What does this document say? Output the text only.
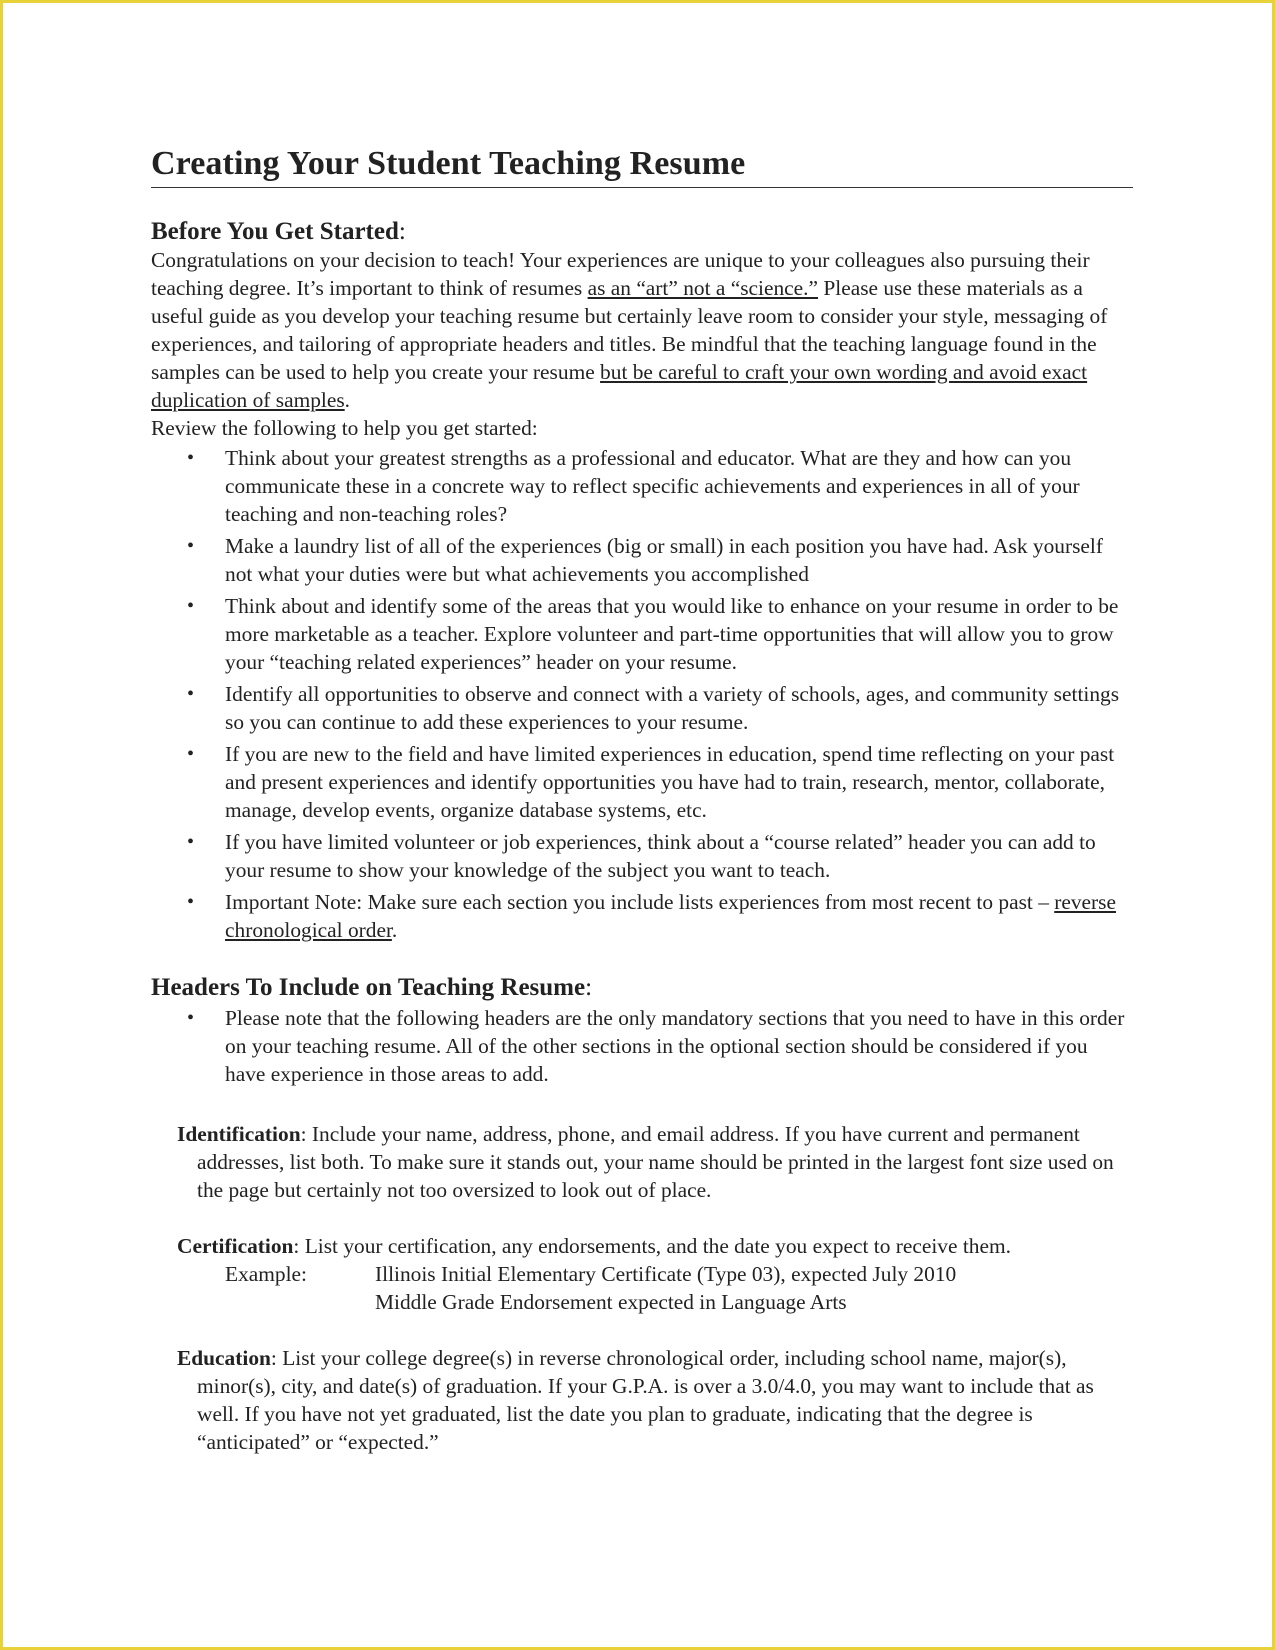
Creating Your Student Teaching Resume
Before You Get Started:

Congratulations on your decision to teach! Your experiences are unique to your colleagues also pursuing their teaching degree. It’s important to think of resumes as an “art” not a “science.” Please use these materials as a useful guide as you develop your teaching resume but certainly leave room to consider your style, messaging of experiences, and tailoring of appropriate headers and titles. Be mindful that the teaching language found in the samples can be used to help you create your resume but be careful to craft your own wording and avoid exact duplication of samples.
Review the following to help you get started:

• Think about your greatest strengths as a professional and educator. What are they and how can you communicate these in a concrete way to reflect specific achievements and experiences in all of your teaching and non-teaching roles?
• Make a laundry list of all of the experiences (big or small) in each position you have had. Ask yourself not what your duties were but what achievements you accomplished
• Think about and identify some of the areas that you would like to enhance on your resume in order to be more marketable as a teacher. Explore volunteer and part-time opportunities that will allow you to grow your “teaching related experiences” header on your resume.
• Identify all opportunities to observe and connect with a variety of schools, ages, and community settings so you can continue to add these experiences to your resume.
• If you are new to the field and have limited experiences in education, spend time reflecting on your past and present experiences and identify opportunities you have had to train, research, mentor, collaborate, manage, develop events, organize database systems, etc.
• If you have limited volunteer or job experiences, think about a “course related” header you can add to your resume to show your knowledge of the subject you want to teach.
• Important Note: Make sure each section you include lists experiences from most recent to past – reverse chronological order.
Headers To Include on Teaching Resume:
• Please note that the following headers are the only mandatory sections that you need to have in this order on your teaching resume. All of the other sections in the optional section should be considered if you have experience in those areas to add.

Identification: Include your name, address, phone, and email address. If you have current and permanent addresses, list both. To make sure it stands out, your name should be printed in the largest font size used on the page but certainly not too oversized to look out of place.

Certification: List your certification, any endorsements, and the date you expect to receive them.

Example:	Illinois Initial Elementary Certificate (Type 03), expected July 2010
Middle Grade Endorsement expected in Language Arts

Education: List your college degree(s) in reverse chronological order, including school name, major(s), minor(s), city, and date(s) of graduation. If your G.P.A. is over a 3.0/4.0, you may want to include that as well. If you have not yet graduated, list the date you plan to graduate, indicating that the degree is “anticipated” or “expected.”
